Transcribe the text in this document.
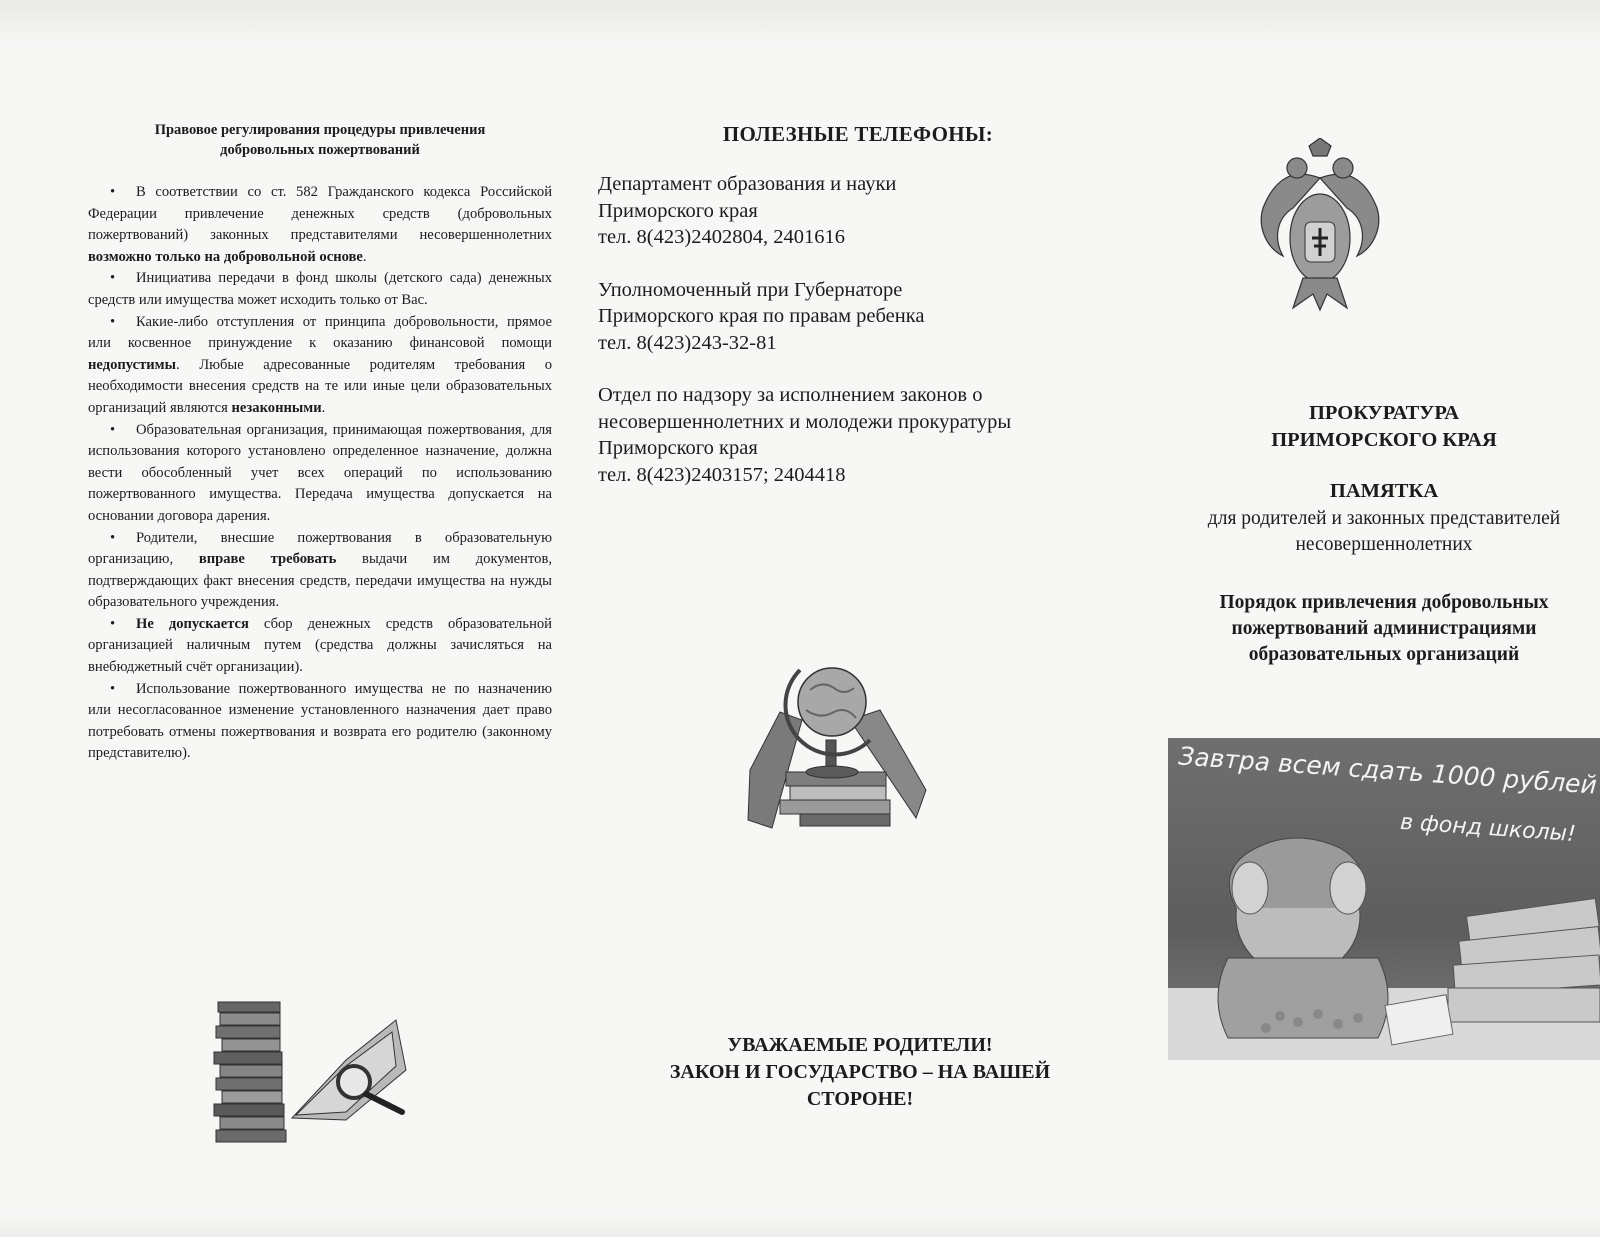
Правовое регулирования процедуры привлечения
добровольных пожертвований

• В соответствии со ст. 582 Гражданского кодекса Российской Федерации привлечение денежных средств (добровольных пожертвований) законных представителями несовершеннолетних возможно только на добровольной основе.

• Инициатива передачи в фонд школы (детского сада) денежных средств или имущества может исходить только от Вас.

• Какие-либо отступления от принципа добровольности, прямое или косвенное принуждение к оказанию финансовой помощи недопустимы. Любые адресованные родителям требования о необходимости внесения средств на те или иные цели образовательных организаций являются незаконными.

• Образовательная организация, принимающая пожертвования, для использования которого установлено определенное назначение, должна вести обособленный учет всех операций по использованию пожертвованного имущества. Передача имущества допускается на основании договора дарения.

• Родители, внесшие пожертвования в образовательную организацию, вправе требовать выдачи им документов, подтверждающих факт внесения средств, передачи имущества на нужды образовательного учреждения.

• Не допускается сбор денежных средств образовательной организацией наличным путем (средства должны зачисляться на внебюджетный счёт организации).

• Использование пожертвованного имущества не по назначению или несогласованное изменение установленного назначения дает право потребовать отмены пожертвования и возврата его родителю (законному представителю).

ПОЛЕЗНЫЕ ТЕЛЕФОНЫ:
Департамент образования и науки
Приморского края
тел. 8(423)2402804, 2401616
Уполномоченный при Губернаторе
Приморского края по правам ребенка
тел. 8(423)243-32-81
Отдел по надзору за исполнением законов о
несовершеннолетних и молодежи прокуратуры
Приморского края
тел. 8(423)2403157; 2404418
УВАЖАЕМЫЕ РОДИТЕЛИ!
ЗАКОН И ГОСУДАРСТВО – НА ВАШЕЙ
СТОРОНЕ!
ПРОКУРАТУРА
ПРИМОРСКОГО КРАЯ
ПАМЯТКА
для родителей и законных представителей
несовершеннолетних
Порядок привлечения добровольных
пожертвований администрациями
образовательных организаций
Завтра всем сдать 1000 рублей
в фонд школы!
